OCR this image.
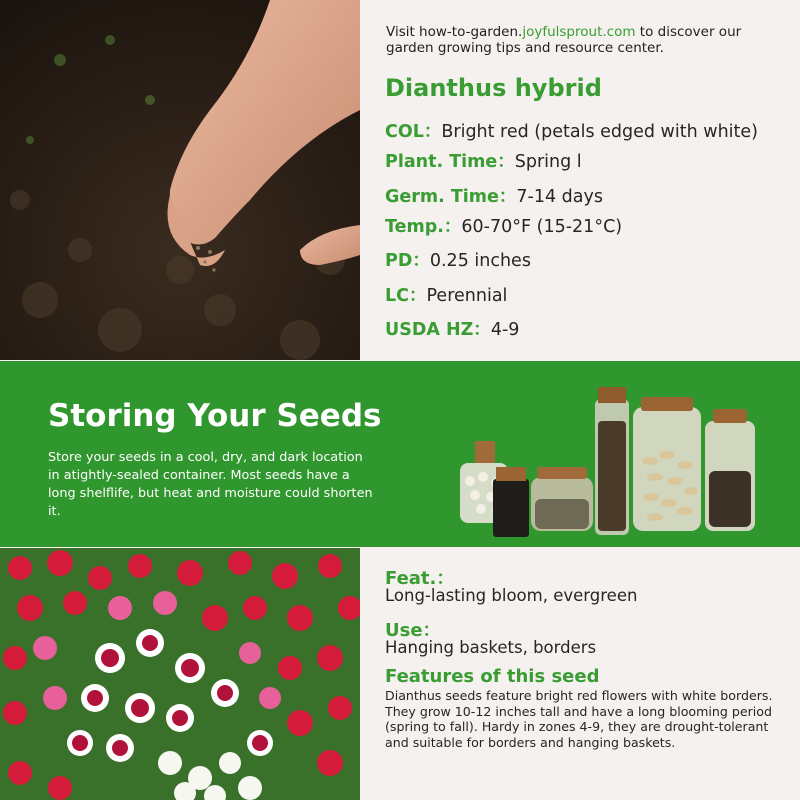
Visit how-to-garden.joyfulsprout.com to discover our garden growing tips and resource center.
Dianthus hybrid
COL：Bright red (petals edged with white)
Plant. Time：Spring l
Germ. Time：7-14 days
Temp.：60-70°F (15-21°C)
PD：0.25 inches
LC：Perennial
USDA HZ：4-9
Storing Your Seeds
Store your seeds in a cool, dry, and dark location in atightly-sealed container. Most seeds have a long shelflife, but heat and moisture could shorten it.
Feat.：
Long-lasting bloom, evergreen
Use：
Hanging baskets, borders
Features of this seed
Dianthus seeds feature bright red flowers with white borders. They grow 10-12 inches tall and have a long blooming period (spring to fall). Hardy in zones 4-9, they are drought-tolerant and suitable for borders and hanging baskets.
